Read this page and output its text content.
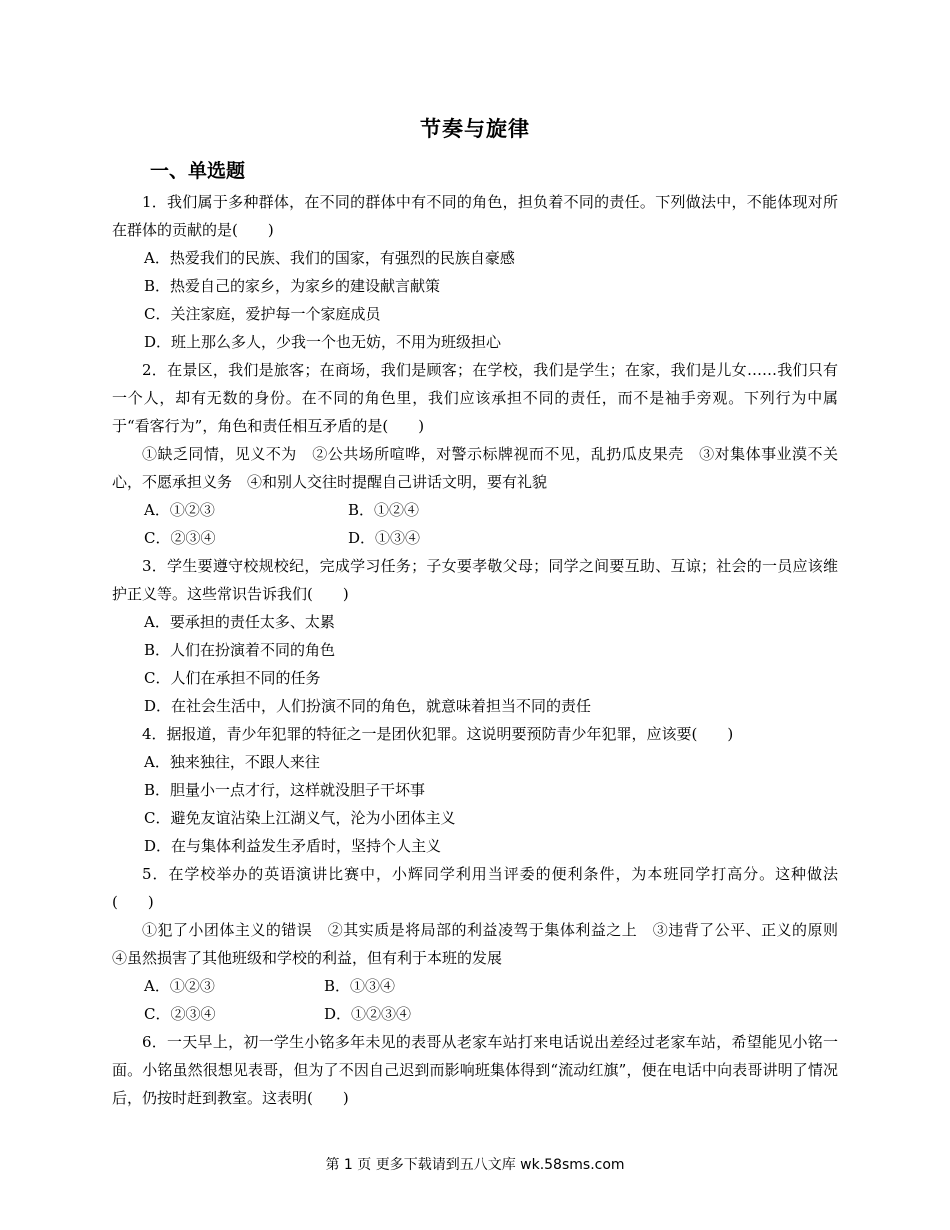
节奏与旋律
一、单选题

1．我们属于多种群体，在不同的群体中有不同的角色，担负着不同的责任。下列做法中，不能体现对所在群体的贡献的是(　　)

A．热爱我们的民族、我们的国家，有强烈的民族自豪感

B．热爱自己的家乡，为家乡的建设献言献策

C．关注家庭，爱护每一个家庭成员

D．班上那么多人，少我一个也无妨，不用为班级担心

2．在景区，我们是旅客；在商场，我们是顾客；在学校，我们是学生；在家，我们是儿女……我们只有一个人，却有无数的身份。在不同的角色里，我们应该承担不同的责任，而不是袖手旁观。下列行为中属于“看客行为”，角色和责任相互矛盾的是(　　)

①缺乏同情，见义不为　②公共场所喧哗，对警示标牌视而不见，乱扔瓜皮果壳　③对集体事业漠不关心，不愿承担义务　④和别人交往时提醒自己讲话文明，要有礼貌

A．①②③	B．①②④
C．②③④	D．①③④

3．学生要遵守校规校纪，完成学习任务；子女要孝敬父母；同学之间要互助、互谅；社会的一员应该维护正义等。这些常识告诉我们(　　)

A．要承担的责任太多、太累

B．人们在扮演着不同的角色

C．人们在承担不同的任务

D．在社会生活中，人们扮演不同的角色，就意味着担当不同的责任

4．据报道，青少年犯罪的特征之一是团伙犯罪。这说明要预防青少年犯罪，应该要(　　)

A．独来独往，不跟人来往

B．胆量小一点才行，这样就没胆子干坏事

C．避免友谊沾染上江湖义气，沦为小团体主义

D．在与集体利益发生矛盾时，坚持个人主义

5．在学校举办的英语演讲比赛中，小辉同学利用当评委的便利条件，为本班同学打高分。这种做法(　　)

①犯了小团体主义的错误　②其实质是将局部的利益凌驾于集体利益之上　③违背了公平、正义的原则　④虽然损害了其他班级和学校的利益，但有利于本班的发展

A．①②③	B．①③④
C．②③④	D．①②③④

6．一天早上，初一学生小铭多年未见的表哥从老家车站打来电话说出差经过老家车站，希望能见小铭一面。小铭虽然很想见表哥，但为了不因自己迟到而影响班集体得到“流动红旗”，便在电话中向表哥讲明了情况后，仍按时赶到教室。这表明(　　)

第 1 页 更多下载请到五八文库 wk.58sms.com
